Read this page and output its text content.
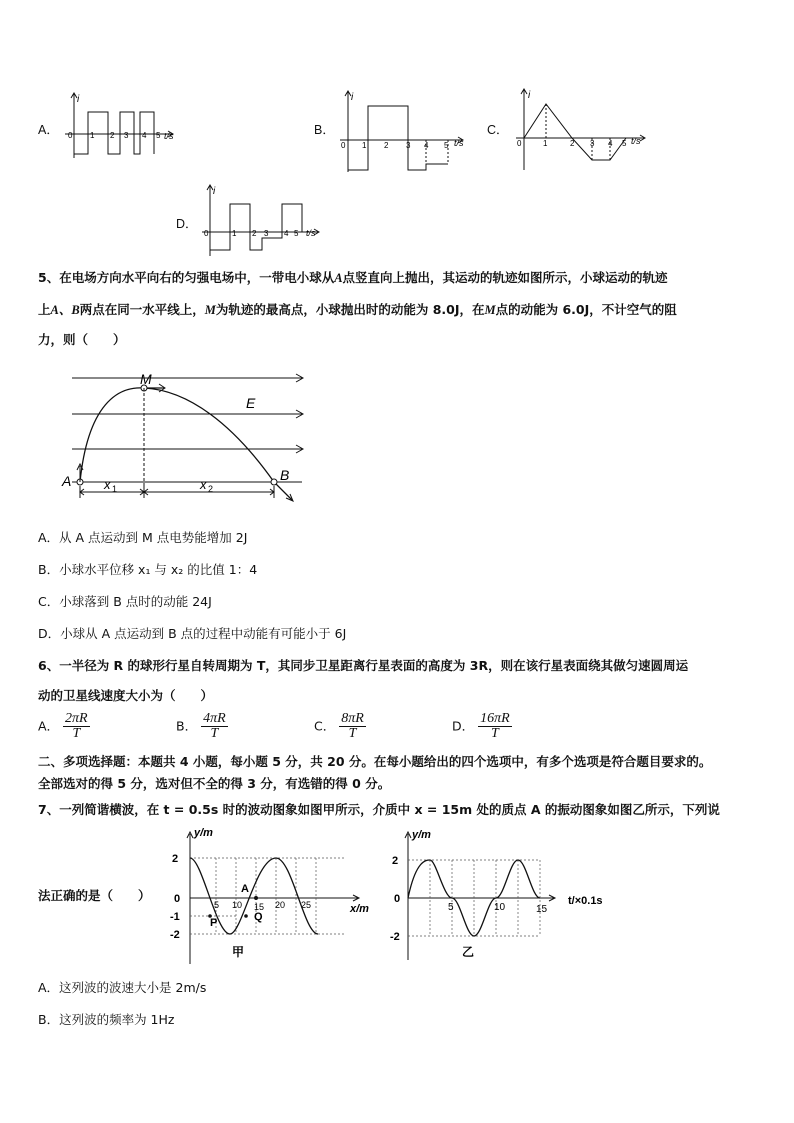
A．
i
0 1 2 3 4 5 t/s	B．
i
0 1 2 3 4 5 t/s
C．
i
0	1	2 3 4 5 t/s
D．
i
0	1 2 3 4 5 t/s
5、在电场方向水平向右的匀强电场中，一带电小球从A点竖直向上抛出，其运动的轨迹如图所示，小球运动的轨迹
上A、B两点在同一水平线上，M为轨迹的最高点，小球抛出时的动能为 8.0J，在M点的动能为 6.0J，不计空气的阻
力，则（　　）
M
E
A	B
x 1	x 2
A．从 A 点运动到 M 点电势能增加 2J
B．小球水平位移 x₁ 与 x₂ 的比值 1：4
C．小球落到 B 点时的动能 24J
D．小球从 A 点运动到 B 点的过程中动能有可能小于 6J
6、一半径为 R 的球形行星自转周期为 T，其同步卫星距离行星表面的高度为 3R，则在该行星表面绕其做匀速圆周运
动的卫星线速度大小为（　　）
A． $\frac{2\pi R}{T}$	B． $\frac{4\pi R}{T}$	C． $\frac{8\pi R}{T}$	D． $\frac{16\pi R}{T}$
二、多项选择题：本题共 4 小题，每小题 5 分，共 20 分。在每小题给出的四个选项中，有多个选项是符合题目要求的。
全部选对的得 5 分，选对但不全的得 3 分，有选错的得 0 分。
7、一列简谐横波，在 t = 0.5s 时的波动图象如图甲所示，介质中 x = 15m 处的质点 A 的振动图象如图乙所示，下列说
法正确的是（　　）
2
0
-1
-2
y/m
x/m
5 10 15 20 25
A
P	Q
甲
2
0
-2
y/m
t/×0.1s
5	10	15
乙
A．这列波的波速大小是 2m/s
B．这列波的频率为 1Hz
